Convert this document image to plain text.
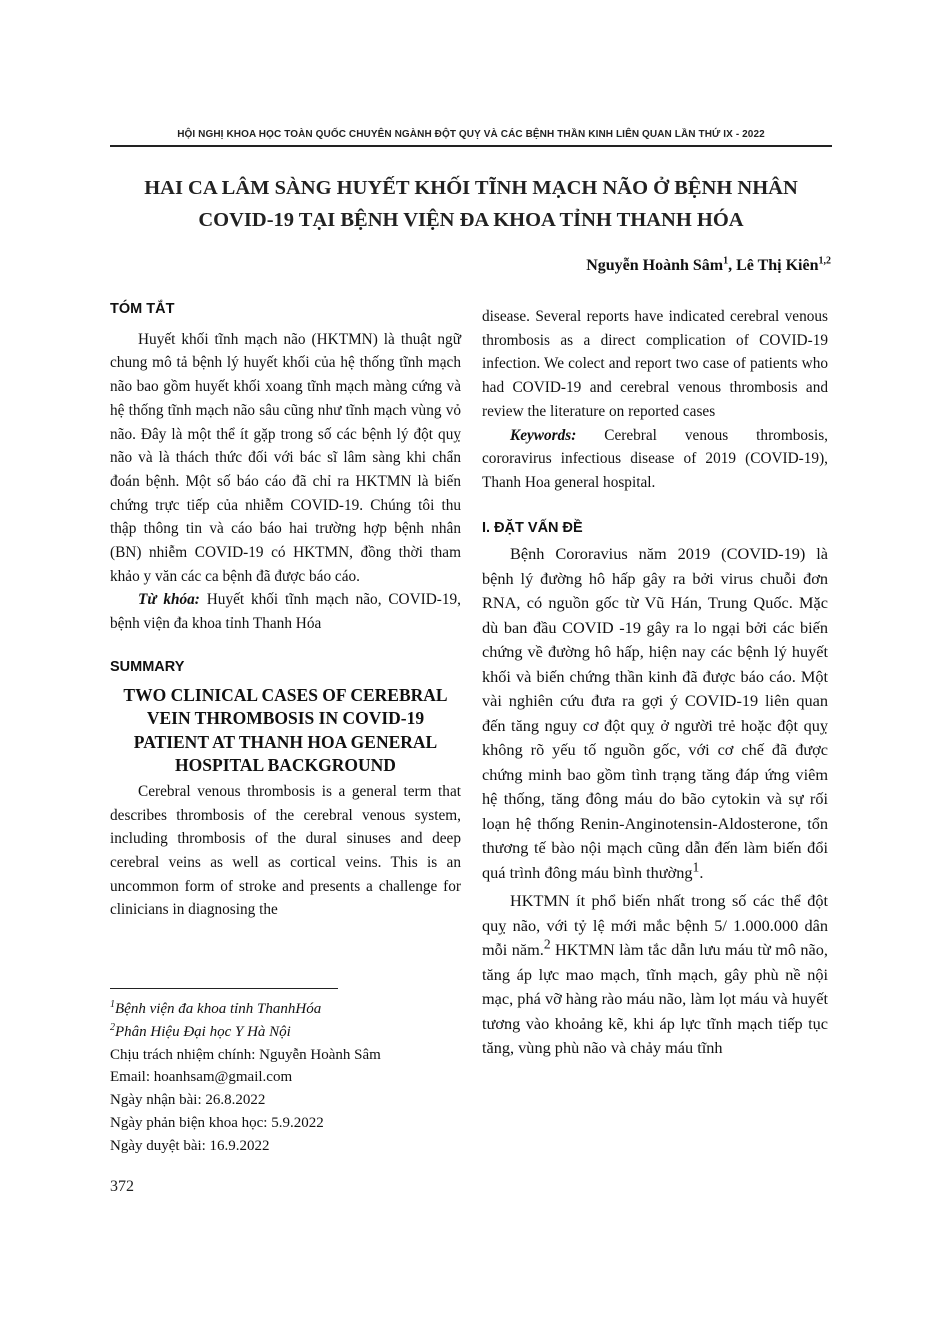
HỘI NGHỊ KHOA HỌC TOÀN QUỐC CHUYÊN NGÀNH ĐỘT QUỴ VÀ CÁC BỆNH THẦN KINH LIÊN QUAN LẦN THỨ IX - 2022
HAI CA LÂM SÀNG HUYẾT KHỐI TĨNH MẠCH NÃO Ở BỆNH NHÂN
COVID-19 TẠI BỆNH VIỆN ĐA KHOA TỈNH THANH HÓA
Nguyễn Hoành Sâm$^1$, Lê Thị Kiên$^{1,2}$

TÓM TẮT

Huyết khối tĩnh mạch não (HKTMN) là thuật ngữ chung mô tả bệnh lý huyết khối của hệ thống tĩnh mạch não bao gồm huyết khối xoang tĩnh mạch màng cứng và hệ thống tĩnh mạch não sâu cũng như tĩnh mạch vùng vỏ não. Đây là một thể ít gặp trong số các bệnh lý đột quỵ não và là thách thức đối với bác sĩ lâm sàng khi chẩn đoán bệnh. Một số báo cáo đã chỉ ra HKTMN là biến chứng trực tiếp của nhiễm COVID-19. Chúng tôi thu thập thông tin và cáo báo hai trường hợp bệnh nhân (BN) nhiễm COVID-19 có HKTMN, đồng thời tham khảo y văn các ca bệnh đã được báo cáo.

Từ khóa: Huyết khối tĩnh mạch não, COVID-19, bệnh viện đa khoa tỉnh Thanh Hóa

SUMMARY

TWO CLINICAL CASES OF CEREBRAL VEIN THROMBOSIS IN COVID-19 PATIENT AT THANH HOA GENERAL HOSPITAL BACKGROUND

Cerebral venous thrombosis is a general term that describes thrombosis of the cerebral venous system, including thrombosis of the dural sinuses and deep cerebral veins as well as cortical veins. This is an uncommon form of stroke and presents a challenge for clinicians in diagnosing the

disease. Several reports have indicated cerebral venous thrombosis as a direct complication of COVID-19 infection. We colect and report two case of patients who had COVID-19 and cerebral venous thrombosis and review the literature on reported cases

Keywords: Cerebral venous thrombosis, cororavirus infectious disease of 2019 (COVID-19), Thanh Hoa general hospital.

I. ĐẶT VẤN ĐỀ

Bệnh Cororavius năm 2019 (COVID-19) là bệnh lý đường hô hấp gây ra bởi virus chuỗi đơn RNA, có nguồn gốc từ Vũ Hán, Trung Quốc. Mặc dù ban đầu COVID -19 gây ra lo ngại bởi các biến chứng về đường hô hấp, hiện nay các bệnh lý huyết khối và biến chứng thần kinh đã được báo cáo. Một vài nghiên cứu đưa ra gợi ý COVID-19 liên quan đến tăng nguy cơ đột quỵ ở người trẻ hoặc đột quỵ không rõ yếu tố nguồn gốc, với cơ chế đã được chứng minh bao gồm tình trạng tăng đáp ứng viêm hệ thống, tăng đông máu do bão cytokin và sự rối loạn hệ thống Renin-Anginotensin-Aldosterone, tổn thương tế bào nội mạch cũng dẫn đến làm biến đổi quá trình đông máu bình thường$^1$.

HKTMN ít phổ biến nhất trong số các thể đột quỵ não, với tỷ lệ mới mắc bệnh 5/ 1.000.000 dân mỗi năm.$^2$ HKTMN làm tắc dẫn lưu máu từ mô não, tăng áp lực mao mạch, tĩnh mạch, gây phù nề nội mạc, phá vỡ hàng rào máu não, làm lọt máu và huyết tương vào khoảng kẽ, khi áp lực tĩnh mạch tiếp tục tăng, vùng phù não và chảy máu tĩnh

$^1$Bệnh viện đa khoa tỉnh ThanhHóa

$^2$Phân Hiệu Đại học Y Hà Nội

Chịu trách nhiệm chính: Nguyễn Hoành Sâm

Email: hoanhsam@gmail.com

Ngày nhận bài: 26.8.2022

Ngày phản biện khoa học: 5.9.2022

Ngày duyệt bài: 16.9.2022

372
